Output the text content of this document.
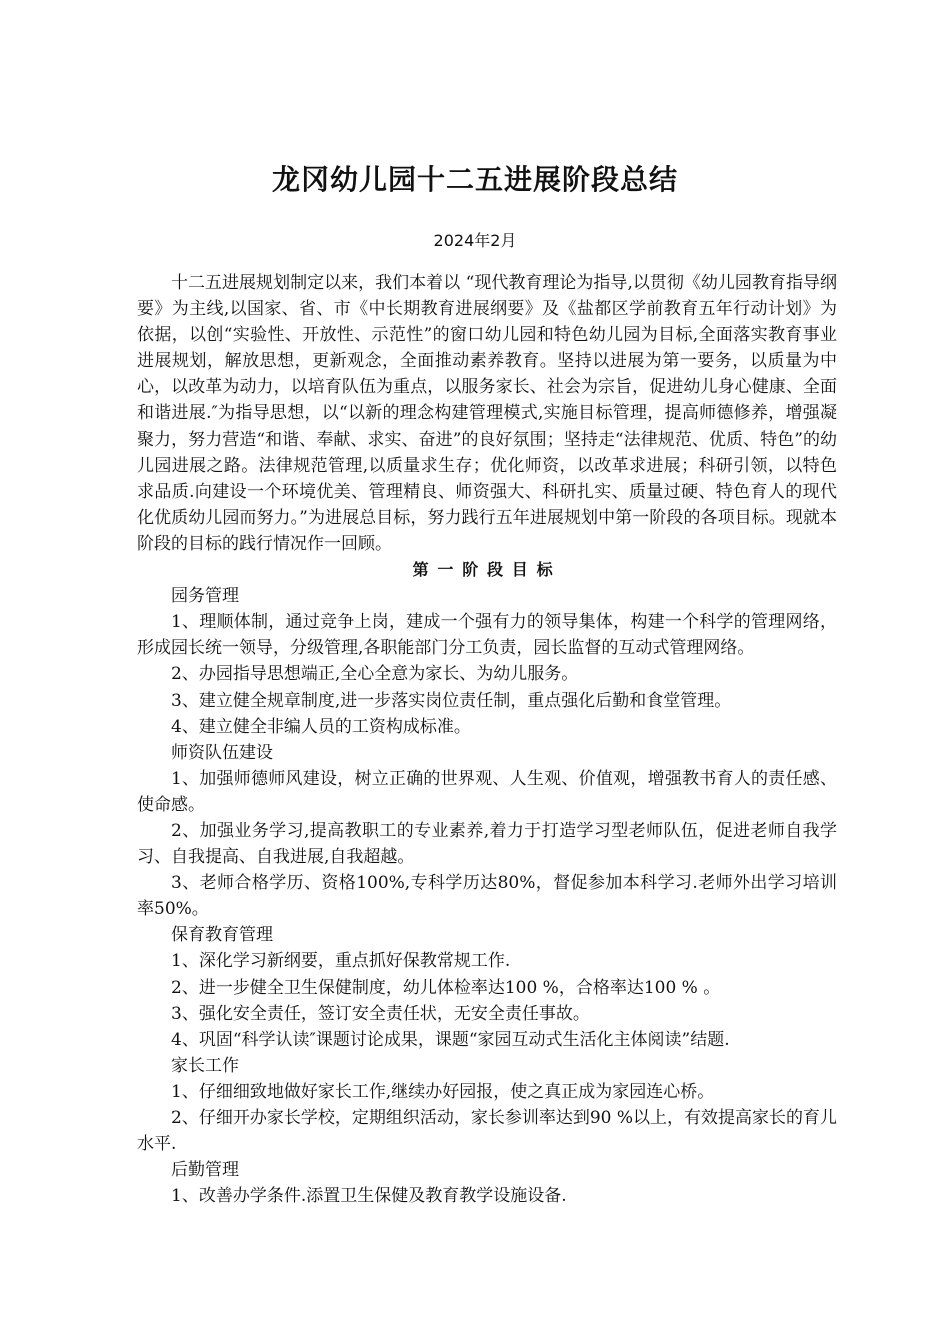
龙冈幼儿园十二五进展阶段总结

2024年2月

十二五进展规划制定以来，我们本着以 “现代教育理论为指导,以贯彻《幼儿园教育指导纲要》为主线,以国家、省、市《中长期教育进展纲要》及《盐都区学前教育五年行动计划》为依据，以创“实验性、开放性、示范性”的窗口幼儿园和特色幼儿园为目标,全面落实教育事业进展规划，解放思想，更新观念，全面推动素养教育。坚持以进展为第一要务，以质量为中心，以改革为动力，以培育队伍为重点，以服务家长、社会为宗旨，促进幼儿身心健康、全面和谐进展.″为指导思想，以“以新的理念构建管理模式,实施目标管理，提高师德修养，增强凝聚力，努力营造“和谐、奉献、求实、奋进”的良好氛围；坚持走“法律规范、优质、特色”的幼儿园进展之路。法律规范管理,以质量求生存；优化师资，以改革求进展；科研引领，以特色求品质.向建设一个环境优美、管理精良、师资强大、科研扎实、质量过硬、特色育人的现代化优质幼儿园而努力。”为进展总目标，努力践行五年进展规划中第一阶段的各项目标。现就本阶段的目标的践行情况作一回顾。

第一阶段目标

园务管理

1、理顺体制，通过竞争上岗，建成一个强有力的领导集体，构建一个科学的管理网络，形成园长统一领导，分级管理,各职能部门分工负责，园长监督的互动式管理网络。

2、办园指导思想端正,全心全意为家长、为幼儿服务。

3、建立健全规章制度,进一步落实岗位责任制，重点强化后勤和食堂管理。

4、建立健全非编人员的工资构成标准。

师资队伍建设

1、加强师德师风建设，树立正确的世界观、人生观、价值观，增强教书育人的责任感、使命感。

2、加强业务学习,提高教职工的专业素养,着力于打造学习型老师队伍，促进老师自我学习、自我提高、自我进展,自我超越。

3、老师合格学历、资格100%,专科学历达80%，督促参加本科学习.老师外出学习培训率50%。

保育教育管理

1、深化学习新纲要，重点抓好保教常规工作.

2、进一步健全卫生保健制度，幼儿体检率达100 %，合格率达100 % 。

3、强化安全责任，签订安全责任状，无安全责任事故。

4、巩固“科学认读″课题讨论成果，课题“家园互动式生活化主体阅读”结题.

家长工作

1、仔细细致地做好家长工作,继续办好园报，使之真正成为家园连心桥。

2、仔细开办家长学校，定期组织活动，家长参训率达到90 %以上，有效提高家长的育儿水平.

后勤管理

1、改善办学条件.添置卫生保健及教育教学设施设备.
